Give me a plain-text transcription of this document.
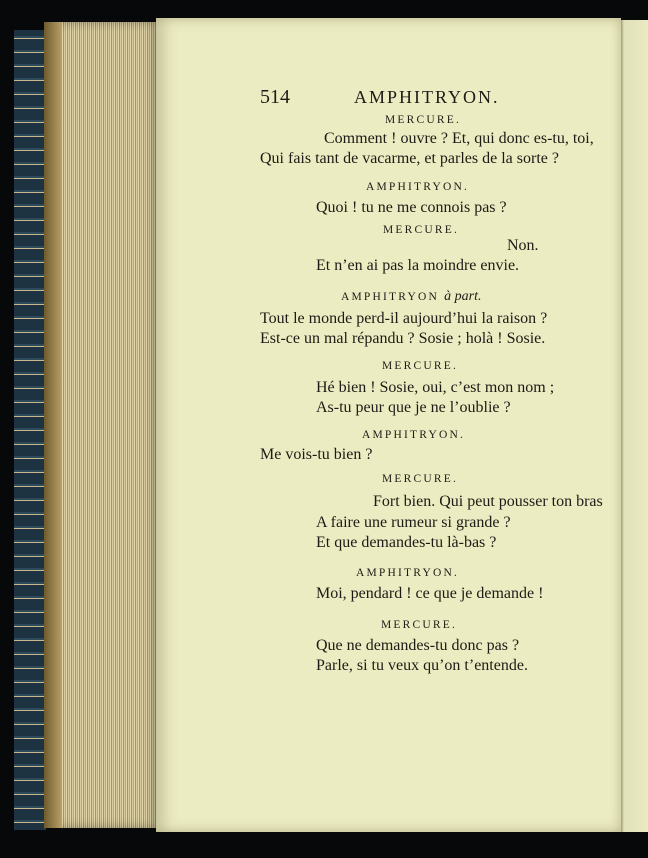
514	AMPHITRYON.
MERCURE.
Comment ! ouvre ? Et, qui donc es-tu, toi,
Qui fais tant de vacarme, et parles de la sorte ?
AMPHITRYON.
Quoi ! tu ne me connois pas ?
MERCURE.
Non.
Et n’en ai pas la moindre envie.
AMPHITRYON à part.
Tout le monde perd-il aujourd’hui la raison ?
Est-ce un mal répandu ? Sosie ; holà ! Sosie.
MERCURE.
Hé bien ! Sosie, oui, c’est mon nom ;
As-tu peur que je ne l’oublie ?
AMPHITRYON.
Me vois-tu bien ?
MERCURE.
Fort bien. Qui peut pousser ton bras
A faire une rumeur si grande ?
Et que demandes-tu là-bas ?
AMPHITRYON.
Moi, pendard ! ce que je demande !
MERCURE.
Que ne demandes-tu donc pas ?
Parle, si tu veux qu’on t’entende.
